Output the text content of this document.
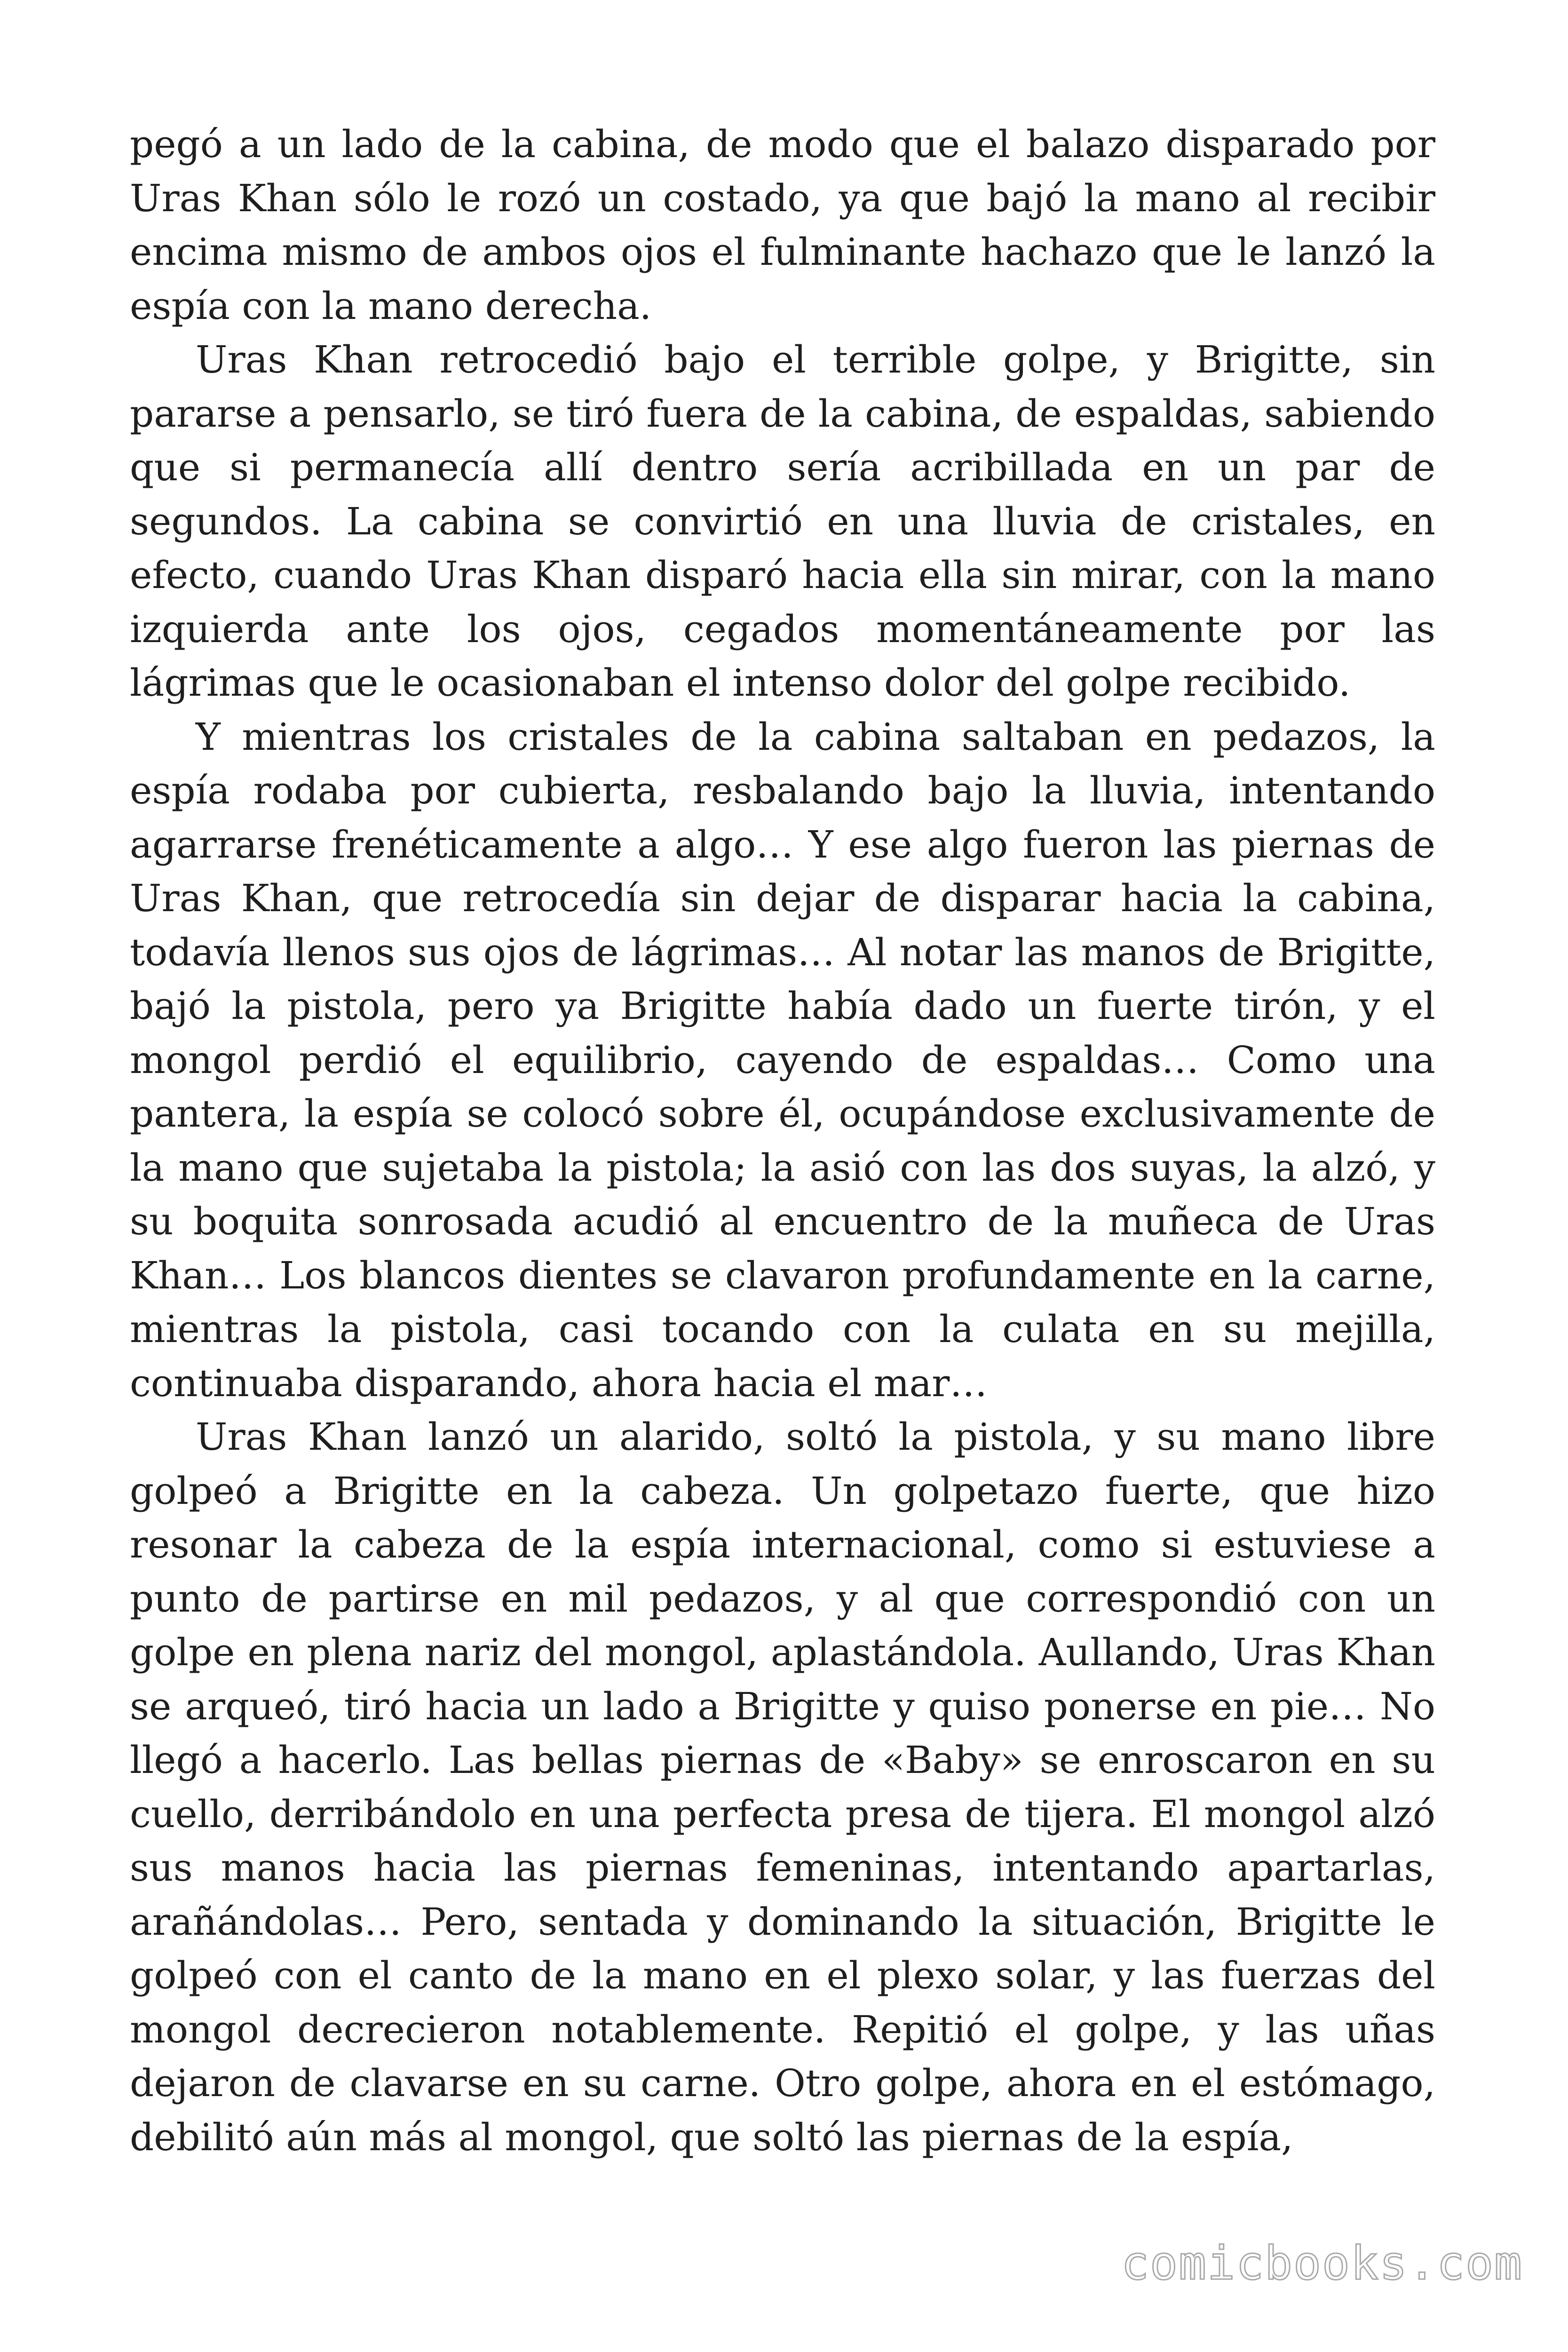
pegó a un lado de la cabina, de modo que el balazo disparado por Uras Khan sólo le rozó un costado, ya que bajó la mano al recibir encima mismo de ambos ojos el fulminante hachazo que le lanzó la espía con la mano derecha.

Uras Khan retrocedió bajo el terrible golpe, y Brigitte, sin pararse a pensarlo, se tiró fuera de la cabina, de espaldas, sabiendo que si permanecía allí dentro sería acribillada en un par de segundos. La cabina se convirtió en una lluvia de cristales, en efecto, cuando Uras Khan disparó hacia ella sin mirar, con la mano izquierda ante los ojos, cegados momentáneamente por las lágrimas que le ocasionaban el intenso dolor del golpe recibido.

Y mientras los cristales de la cabina saltaban en pedazos, la espía rodaba por cubierta, resbalando bajo la lluvia, intentando agarrarse frenéticamente a algo… Y ese algo fueron las piernas de Uras Khan, que retrocedía sin dejar de disparar hacia la cabina, todavía llenos sus ojos de lágrimas… Al notar las manos de Brigitte, bajó la pistola, pero ya Brigitte había dado un fuerte tirón, y el mongol perdió el equilibrio, cayendo de espaldas… Como una pantera, la espía se colocó sobre él, ocupándose exclusivamente de la mano que sujetaba la pistola; la asió con las dos suyas, la alzó, y su boquita sonrosada acudió al encuentro de la muñeca de Uras Khan… Los blancos dientes se clavaron profundamente en la carne, mientras la pistola, casi tocando con la culata en su mejilla, continuaba disparando, ahora hacia el mar…

Uras Khan lanzó un alarido, soltó la pistola, y su mano libre golpeó a Brigitte en la cabeza. Un golpetazo fuerte, que hizo resonar la cabeza de la espía internacional, como si estuviese a punto de partirse en mil pedazos, y al que correspondió con un golpe en plena nariz del mongol, aplastándola. Aullando, Uras Khan se arqueó, tiró hacia un lado a Brigitte y quiso ponerse en pie… No llegó a hacerlo. Las bellas piernas de «Baby» se enroscaron en su cuello, derribándolo en una perfecta presa de tijera. El mongol alzó sus manos hacia las piernas femeninas, intentando apartarlas, arañándolas… Pero, sentada y dominando la situación, Brigitte le golpeó con el canto de la mano en el plexo solar, y las fuerzas del mongol decrecieron notablemente. Repitió el golpe, y las uñas dejaron de clavarse en su carne. Otro golpe, ahora en el estómago, debilitó aún más al mongol, que soltó las piernas de la espía,

comicbooks.com
